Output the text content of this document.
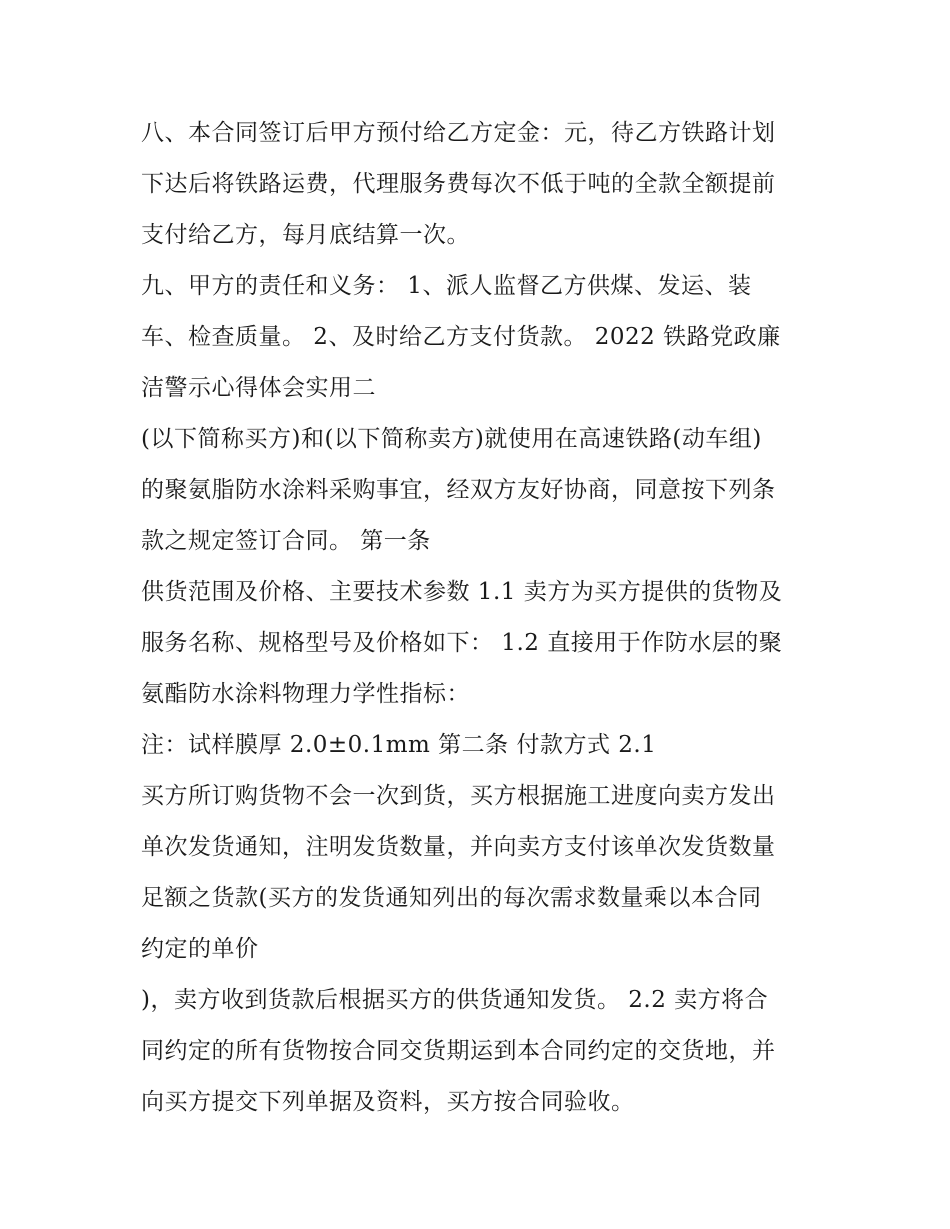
八、本合同签订后甲方预付给乙方定金：元，待乙方铁路计划
下达后将铁路运费，代理服务费每次不低于吨的全款全额提前
支付给乙方，每月底结算一次。
九、甲方的责任和义务： 1、派人监督乙方供煤、发运、装
车、检查质量。 2、及时给乙方支付货款。 2022 铁路党政廉
洁警示心得体会实用二
(以下简称买方)和(以下简称卖方)就使用在高速铁路(动车组)
的聚氨脂防水涂料采购事宜，经双方友好协商，同意按下列条
款之规定签订合同。 第一条
供货范围及价格、主要技术参数 1.1 卖方为买方提供的货物及
服务名称、规格型号及价格如下： 1.2 直接用于作防水层的聚
氨酯防水涂料物理力学性指标：
注：试样膜厚 2.0±0.1mm 第二条 付款方式 2.1
买方所订购货物不会一次到货，买方根据施工进度向卖方发出
单次发货通知，注明发货数量，并向卖方支付该单次发货数量
足额之货款(买方的发货通知列出的每次需求数量乘以本合同
约定的单价
)，卖方收到货款后根据买方的供货通知发货。 2.2 卖方将合
同约定的所有货物按合同交货期运到本合同约定的交货地，并
向买方提交下列单据及资料，买方按合同验收。
